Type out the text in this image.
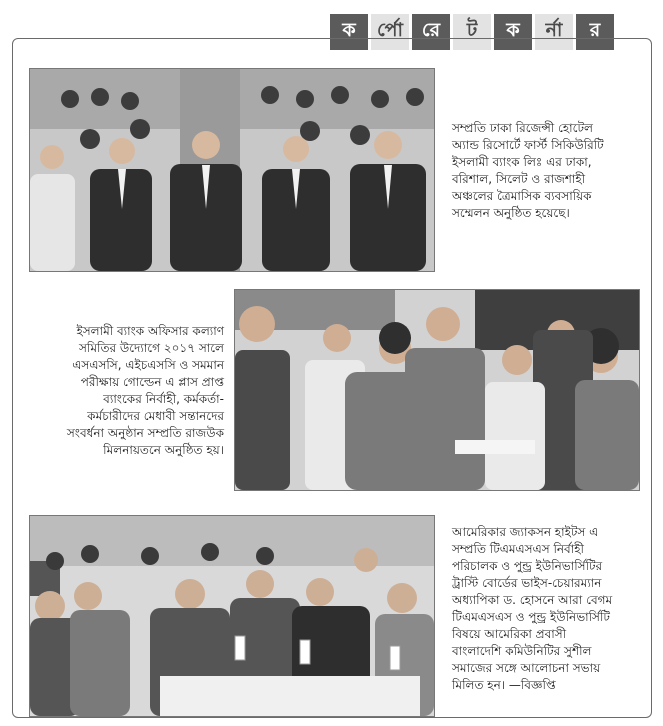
ক	র্পো রে	ট	ক	র্না	র

সম্প্রতি ঢাকা রিজেন্সী হোটেল
অ্যান্ড রিসোর্টে ফার্স্ট সিকিউরিটি
ইসলামী ব্যাংক লিঃ এর ঢাকা,
বরিশাল, সিলেট ও রাজশাহী
অঞ্চলের ত্রৈমাসিক ব্যবসায়িক
সম্মেলন অনুষ্ঠিত হয়েছে।

ইসলামী ব্যাংক অফিসার কল্যাণ
সমিতির উদ্যোগে ২০১৭ সালে
এসএসসি, এইচএসসি ও সমমান
পরীক্ষায় গোল্ডেন এ প্লাস প্রাপ্ত
ব্যাংকের নির্বাহী, কর্মকর্তা-
কর্মচারীদের মেধাবী সন্তানদের
সংবর্ধনা অনুষ্ঠান সম্প্রতি রাজউক
মিলনায়তনে অনুষ্ঠিত হয়।

আমেরিকার জ্যাকসন হাইটস এ
সম্প্রতি টিএমএসএস নির্বাহী
পরিচালক ও পুন্ড্র ইউনিভার্সিটির
ট্রাস্টি বোর্ডের ভাইস-চেয়ারম্যান
অধ্যাপিকা ড. হোসনে আরা বেগম
টিএমএসএস ও পুন্ড্র ইউনিভার্সিটি
বিষয়ে আমেরিকা প্রবাসী
বাংলাদেশি কমিউনিটির সুশীল
সমাজের সঙ্গে আলোচনা সভায়
মিলিত হন। —বিজ্ঞপ্তি
